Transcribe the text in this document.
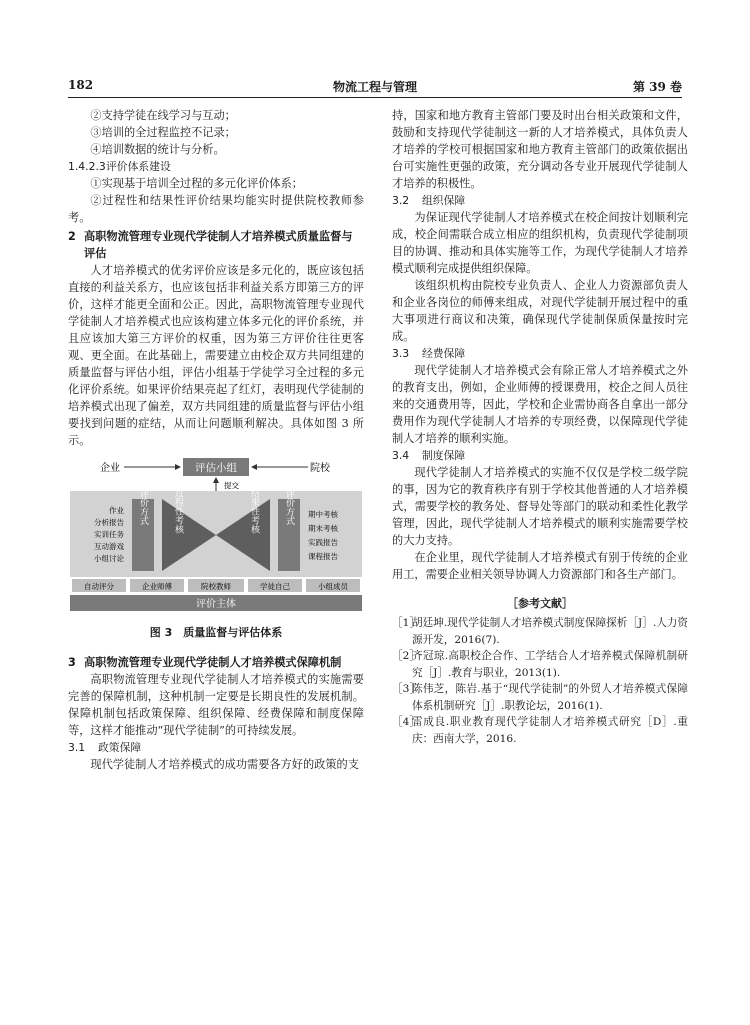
182	物流工程与管理	第 39 卷

②支持学徒在线学习与互动；

③培训的全过程监控不记录；

④培训数据的统计与分析。

1.4.2.3评价体系建设

①实现基于培训全过程的多元化评价体系；

②过程性和结果性评价结果均能实时提供院校教师参考。

2 高职物流管理专业现代学徒制人才培养模式质量监督与
评估

人才培养模式的优劣评价应该是多元化的，既应该包括直接的利益关系方，也应该包括非利益关系方即第三方的评价，这样才能更全面和公正。因此，高职物流管理专业现代学徒制人才培养模式也应该构建立体多元化的评价系统，并且应该加大第三方评价的权重，因为第三方评价往往更客观、更全面。在此基础上，需要建立由校企双方共同组建的质量监督与评估小组，评估小组基于学徒学习全过程的多元化评价系统。如果评价结果亮起了红灯，表明现代学徒制的培养模式出现了偏差，双方共同组建的质量监督与评估小组要找到问题的症结，从而让问题顺利解决。具体如图 3 所示。

企业	评估小组	院校
提交
作业
分析报告
实训任务
互动游戏
小组讨论
评价方式	过程性考核	结果性考核	评价方式 期中考核
期末考核
实践报告
课程报告
自动评分	企业师傅	院校教师	学徒自己	小组成员
评价主体
图 3　质量监督与评估体系
3 高职物流管理专业现代学徒制人才培养模式保障机制

高职物流管理专业现代学徒制人才培养模式的实施需要完善的保障机制，这种机制一定要是长期良性的发展机制。保障机制包括政策保障、组织保障、经费保障和制度保障等，这样才能推动“现代学徒制”的可持续发展。

3.1 政策保障

现代学徒制人才培养模式的成功需要各方好的政策的支

持，国家和地方教育主管部门要及时出台相关政策和文件，鼓励和支持现代学徒制这一新的人才培养模式，具体负责人才培养的学校可根据国家和地方教育主管部门的政策依据出台可实施性更强的政策，充分调动各专业开展现代学徒制人才培养的积极性。

3.2 组织保障

为保证现代学徒制人才培养模式在校企间按计划顺利完成，校企间需联合成立相应的组织机构，负责现代学徒制项目的协调、推动和具体实施等工作，为现代学徒制人才培养模式顺利完成提供组织保障。

该组织机构由院校专业负责人、企业人力资源部负责人和企业各岗位的师傅来组成，对现代学徒制开展过程中的重大事项进行商议和决策，确保现代学徒制保质保量按时完成。

3.3 经费保障

现代学徒制人才培养模式会有除正常人才培养模式之外的教育支出，例如，企业师傅的授课费用，校企之间人员往来的交通费用等，因此，学校和企业需协商各自拿出一部分费用作为现代学徒制人才培养的专项经费，以保障现代学徒制人才培养的顺利实施。

3.4 制度保障

现代学徒制人才培养模式的实施不仅仅是学校二级学院的事，因为它的教育秩序有别于学校其他普通的人才培养模式，需要学校的教务处、督导处等部门的联动和柔性化教学管理，因此，现代学徒制人才培养模式的顺利实施需要学校的大力支持。

在企业里，现代学徒制人才培养模式有别于传统的企业用工，需要企业相关领导协调人力资源部门和各生产部门。

［参考文献］
［1］
胡廷坤.现代学徒制人才培养模式制度保障探析［J］.人力资源开发，2016(7).
［2］
齐冠琼.高职校企合作、工学结合人才培养模式保障机制研究［J］.教育与职业，2013(1).
［3］
陈伟芝，陈岩.基于“现代学徒制”的外贸人才培养模式保障体系机制研究［J］.职教论坛，2016(1).
［4］
雷成良.职业教育现代学徒制人才培养模式研究［D］.重庆：西南大学，2016.
